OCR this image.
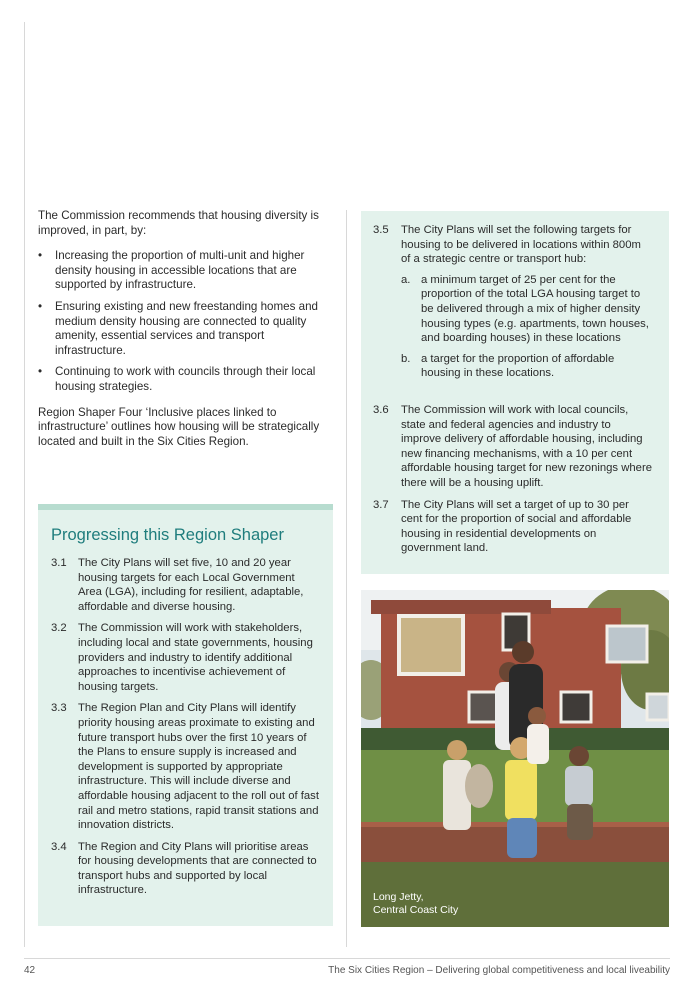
The Commission recommends that housing diversity is improved, in part, by:

• Increasing the proportion of multi-unit and higher density housing in accessible locations that are supported by infrastructure.
• Ensuring existing and new freestanding homes and medium density housing are connected to quality amenity, essential services and transport infrastructure.
• Continuing to work with councils through their local housing strategies.

Region Shaper Four ‘Inclusive places linked to infrastructure’ outlines how housing will be strategically located and built in the Six Cities Region.

Progressing this Region Shaper
3.1 The City Plans will set five, 10 and 20 year housing targets for each Local Government Area (LGA), including for resilient, adaptable, affordable and diverse housing.
3.2 The Commission will work with stakeholders, including local and state governments, housing providers and industry to identify additional approaches to incentivise achievement of housing targets.
3.3 The Region Plan and City Plans will identify priority housing areas proximate to existing and future transport hubs over the first 10 years of the Plans to ensure supply is increased and development is supported by appropriate infrastructure. This will include diverse and affordable housing adjacent to the roll out of fast rail and metro stations, rapid transit stations and innovation districts.
3.4 The Region and City Plans will prioritise areas for housing developments that are connected to transport hubs and supported by local infrastructure.
3.5	The City Plans will set the following targets for housing to be delivered in locations within 800m of a strategic centre or transport hub:
a. a minimum target of 25 per cent for the proportion of the total LGA housing target to be delivered through a mix of higher density housing types (e.g. apartments, town houses, and boarding houses) in these locations
b. a target for the proportion of affordable housing in these locations.
3.6	The Commission will work with local councils, state and federal agencies and industry to improve delivery of affordable housing, including new financing mechanisms, with a 10 per cent affordable housing target for new rezonings where there will be a housing uplift.
3.7	The City Plans will set a target of up to 30 per cent for the proportion of social and affordable housing in residential developments on government land.
Long Jetty,
Central Coast City
42	The Six Cities Region – Delivering global competitiveness and local liveability
